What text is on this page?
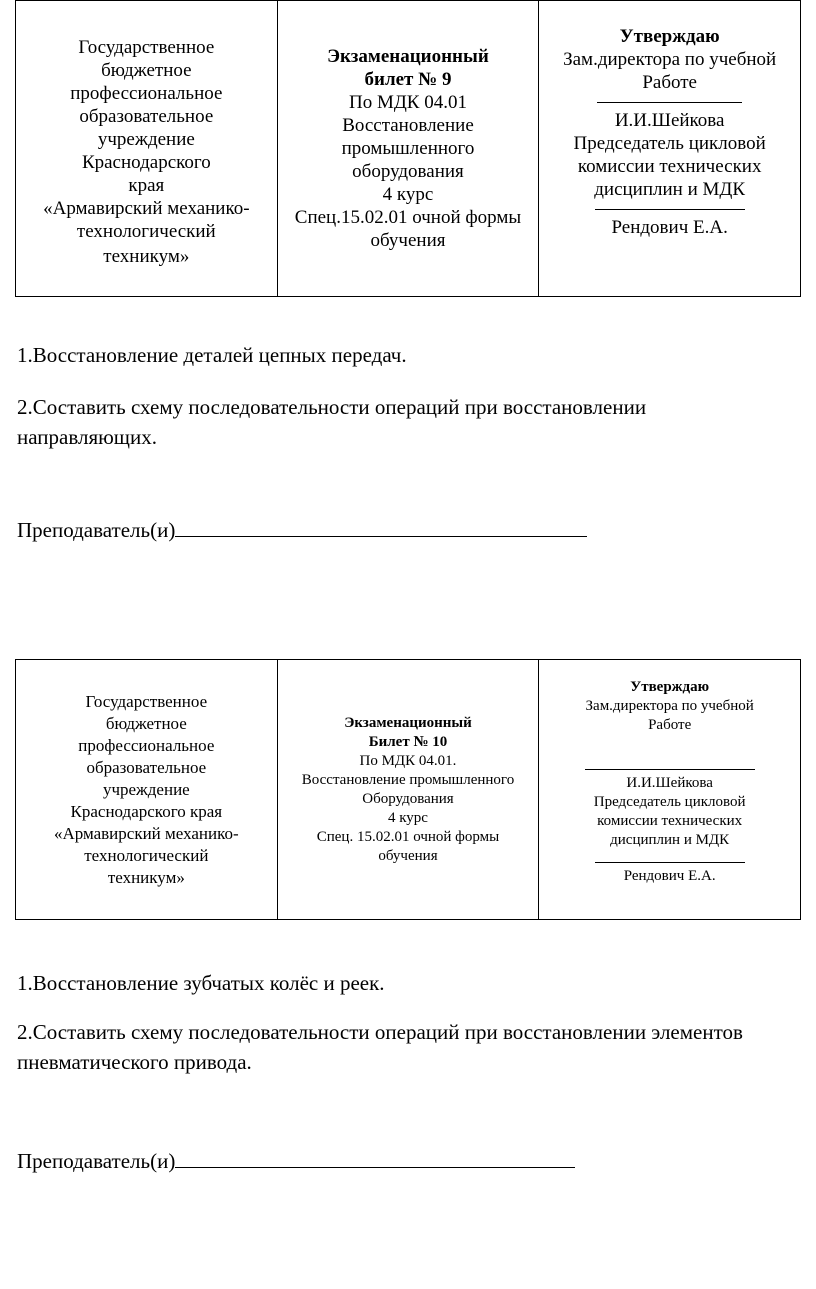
Государственное
бюджетное
профессиональное
образовательное
учреждение
Краснодарского
края
«Армавирский механико-
технологический
техникум»

Экзаменационный
билет № 9
По МДК 04.01
Восстановление
промышленного
оборудования
4 курс
Спец.15.02.01 очной формы
обучения

Утверждаю
Зам.директора по учебной
Работе
И.И.Шейкова
Председатель цикловой
комиссии технических
дисциплин и МДК
Рендович Е.А.

1.Восстановление деталей цепных передач.

2.Составить схему последовательности операций при восстановлении направляющих.

Преподаватель(и)
Государственное
бюджетное
профессиональное
образовательное
учреждение
Краснодарского края
«Армавирский механико-
технологический
техникум»

Экзаменационный
Билет № 10
По МДК 04.01.
Восстановление промышленного
Оборудования
4 курс
Спец. 15.02.01 очной формы
обучения

Утверждаю
Зам.директора по учебной
Работе
И.И.Шейкова
Председатель цикловой
комиссии технических
дисциплин и МДК
Рендович Е.А.

1.Восстановление зубчатых колёс и реек.

2.Составить схему последовательности операций при восстановлении элементов пневматического привода.

Преподаватель(и)
